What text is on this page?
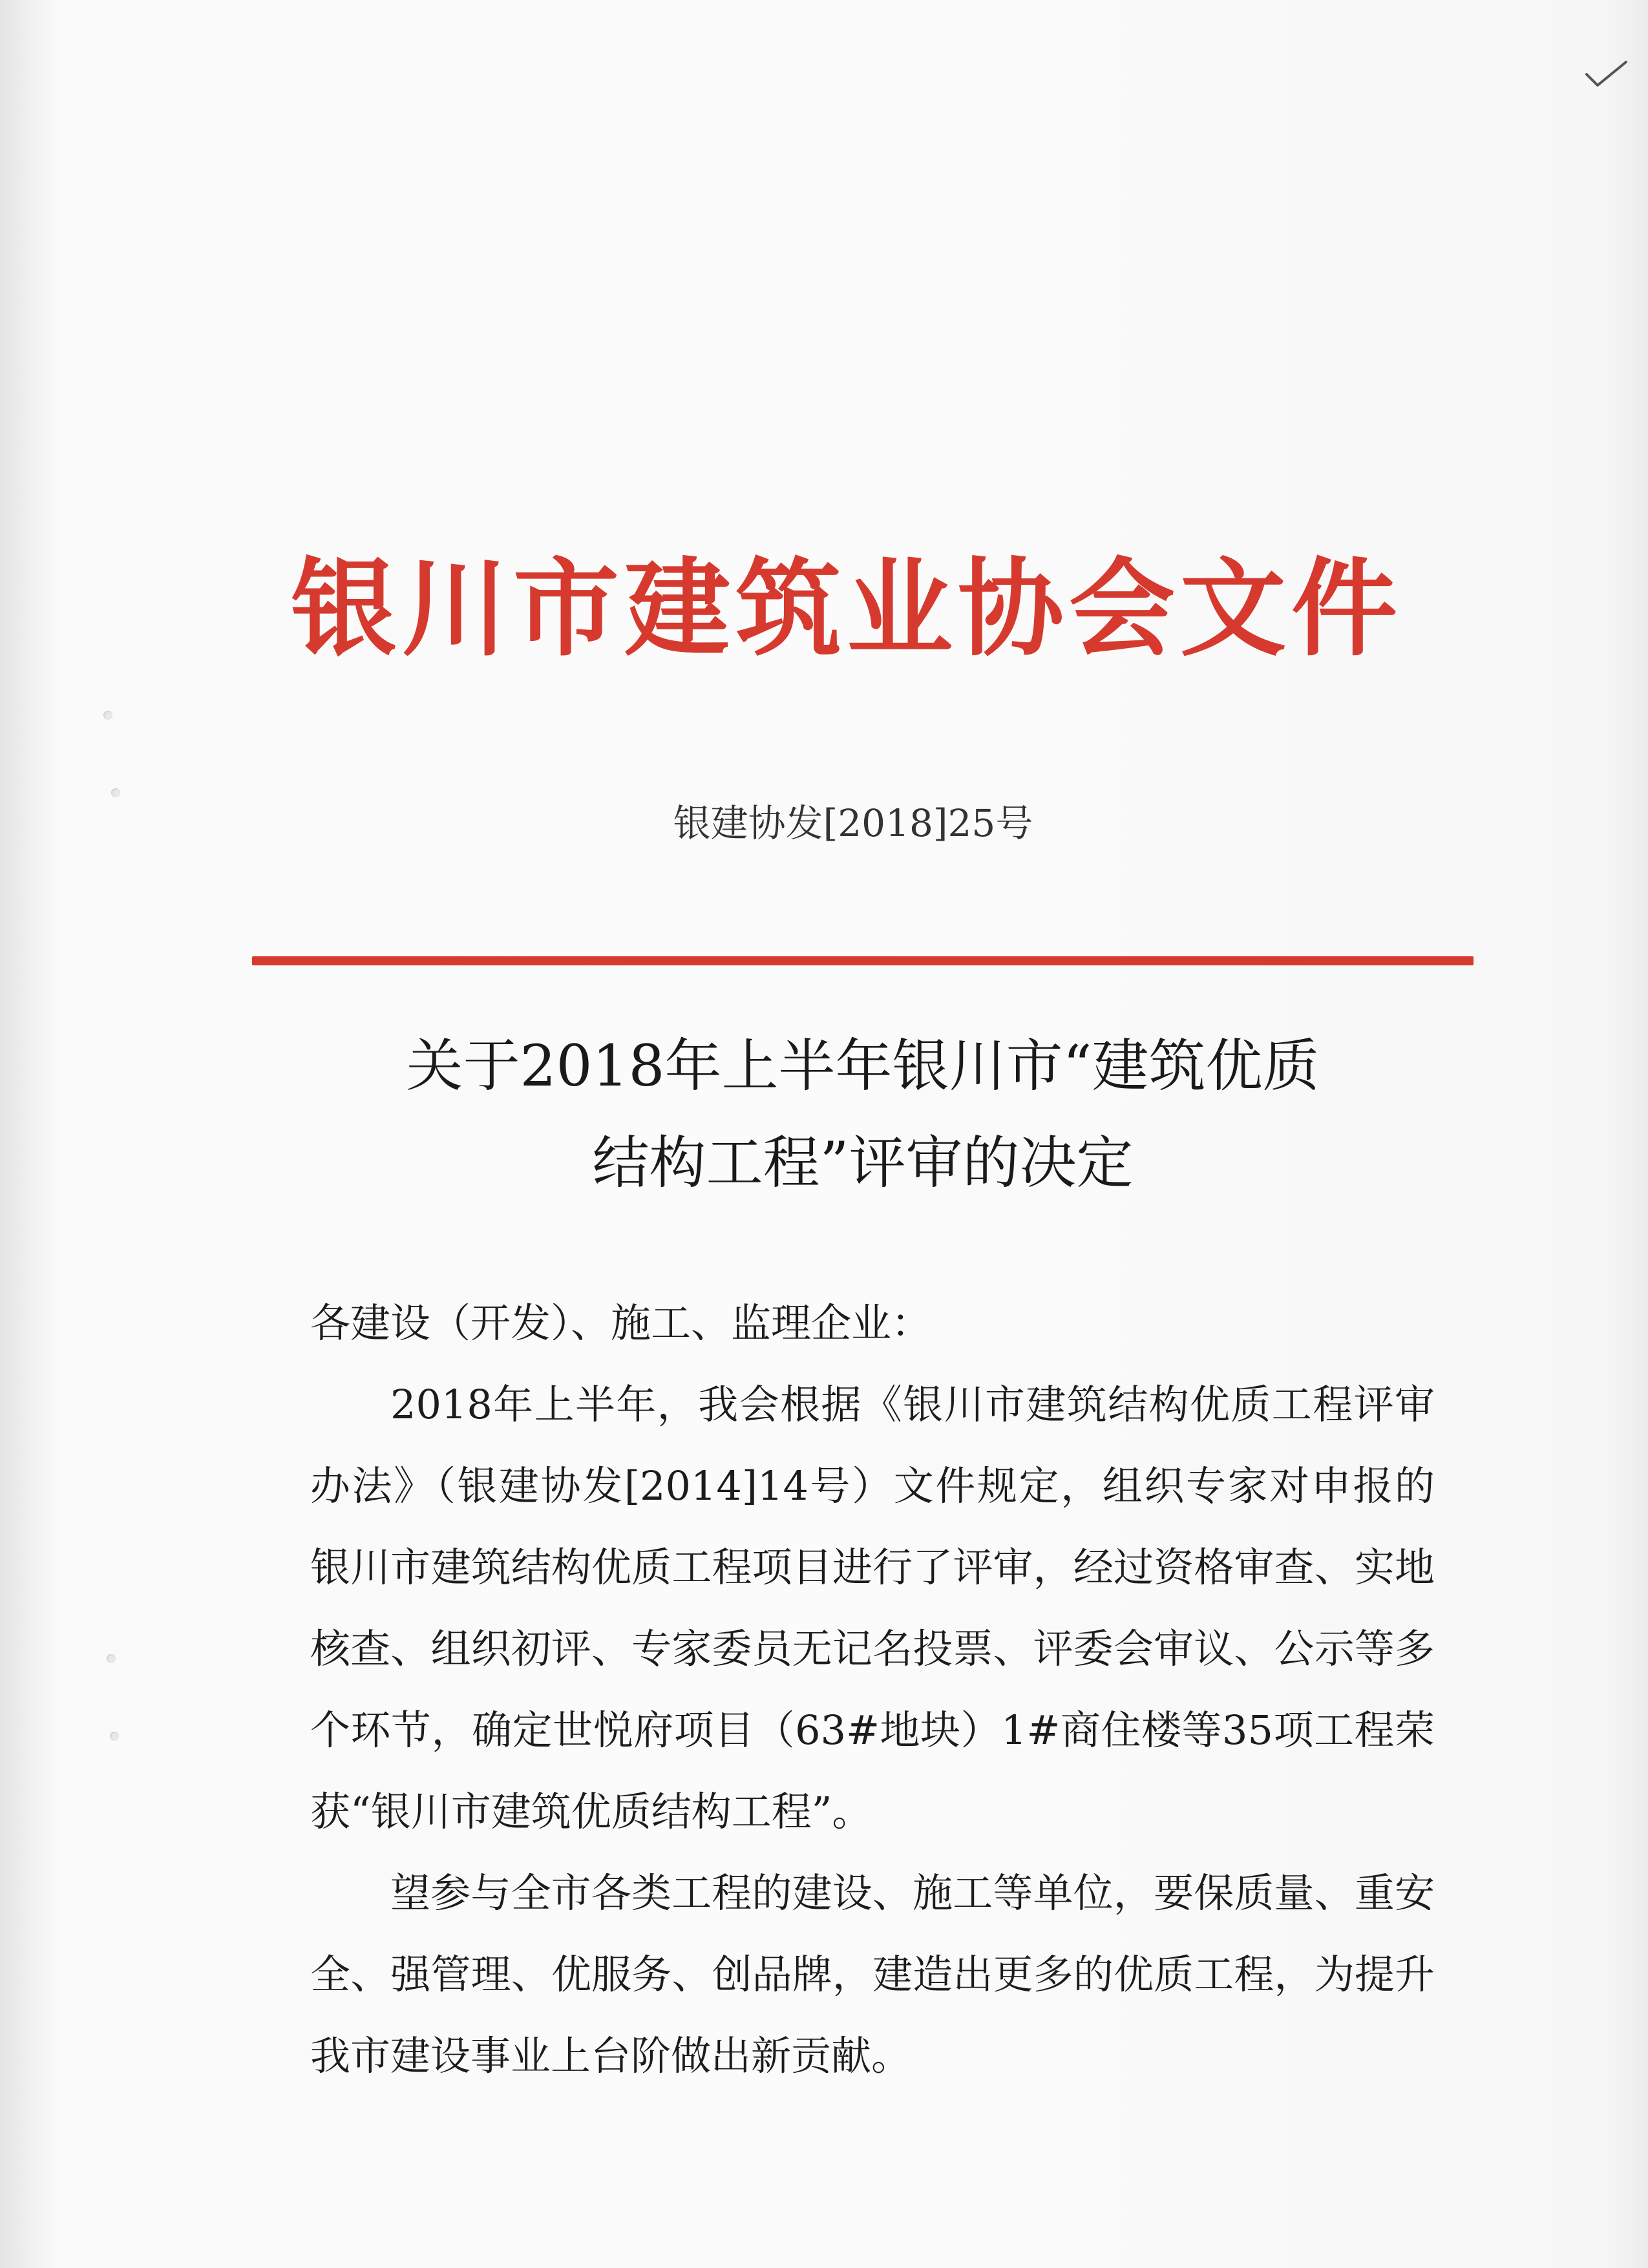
银川市建筑业协会文件
银建协发[2018]25号
关于2018年上半年银川市“建筑优质
结构工程”评审的决定

各建设（开发）、施工、监理企业：

2018年上半年，我会根据《银川市建筑结构优质工程评审办法》（银建协发[2014]14号）文件规定，组织专家对申报的银川市建筑结构优质工程项目进行了评审，经过资格审查、实地核查、组织初评、专家委员无记名投票、评委会审议、公示等多个环节，确定世悦府项目（63#地块）1#商住楼等35项工程荣获“银川市建筑优质结构工程”。

望参与全市各类工程的建设、施工等单位，要保质量、重安全、强管理、优服务、创品牌，建造出更多的优质工程，为提升我市建设事业上台阶做出新贡献。
